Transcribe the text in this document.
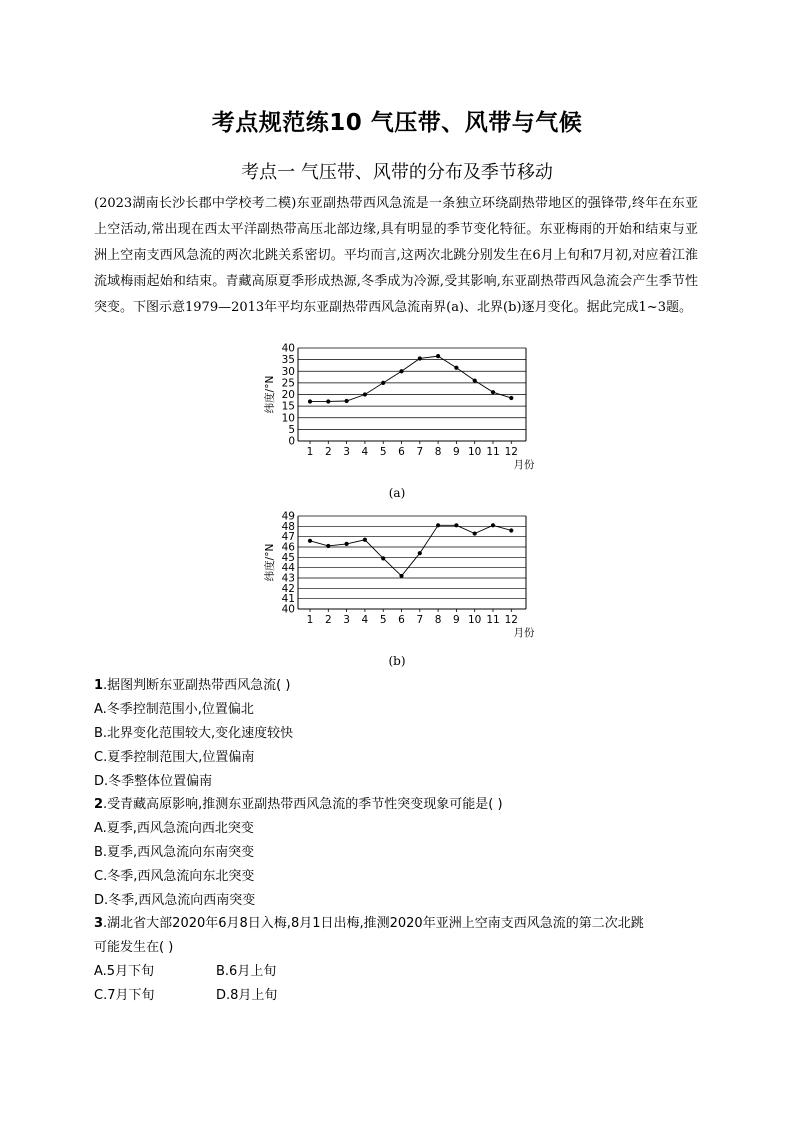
考点规范练10 气压带、风带与气候
考点一 气压带、风带的分布及季节移动
(2023湖南长沙长郡中学校考二模)东亚副热带西风急流是一条独立环绕副热带地区的强锋带,终年在东亚上空活动,常出现在西太平洋副热带高压北部边缘,具有明显的季节变化特征。东亚梅雨的开始和结束与亚洲上空南支西风急流的两次北跳关系密切。平均而言,这两次北跳分别发生在6月上旬和7月初,对应着江淮流域梅雨起始和结束。青藏高原夏季形成热源,冬季成为冷源,受其影响,东亚副热带西风急流会产生季节性突变。下图示意1979—2013年平均东亚副热带西风急流南界(a)、北界(b)逐月变化。据此完成1~3题。
0
5
10
15
20
25
30
35
40
1 2 3 4 5 6 7 8 9 10 11 12
纬度/°N
月份
(a)
40
41
42
43
44
45
46
47
48
49
1 2 3 4 5 6 7 8 9 10 11 12
纬度/°N
月份
(b)
1.据图判断东亚副热带西风急流( )
A.冬季控制范围小,位置偏北
B.北界变化范围较大,变化速度较快
C.夏季控制范围大,位置偏南
D.冬季整体位置偏南
2.受青藏高原影响,推测东亚副热带西风急流的季节性突变现象可能是( )
A.夏季,西风急流向西北突变
B.夏季,西风急流向东南突变
C.冬季,西风急流向东北突变
D.冬季,西风急流向西南突变
3.湖北省大部2020年6月8日入梅,8月1日出梅,推测2020年亚洲上空南支西风急流的第二次北跳
可能发生在( )
A.5月下旬	B.6月上旬
C.7月下旬	D.8月上旬
